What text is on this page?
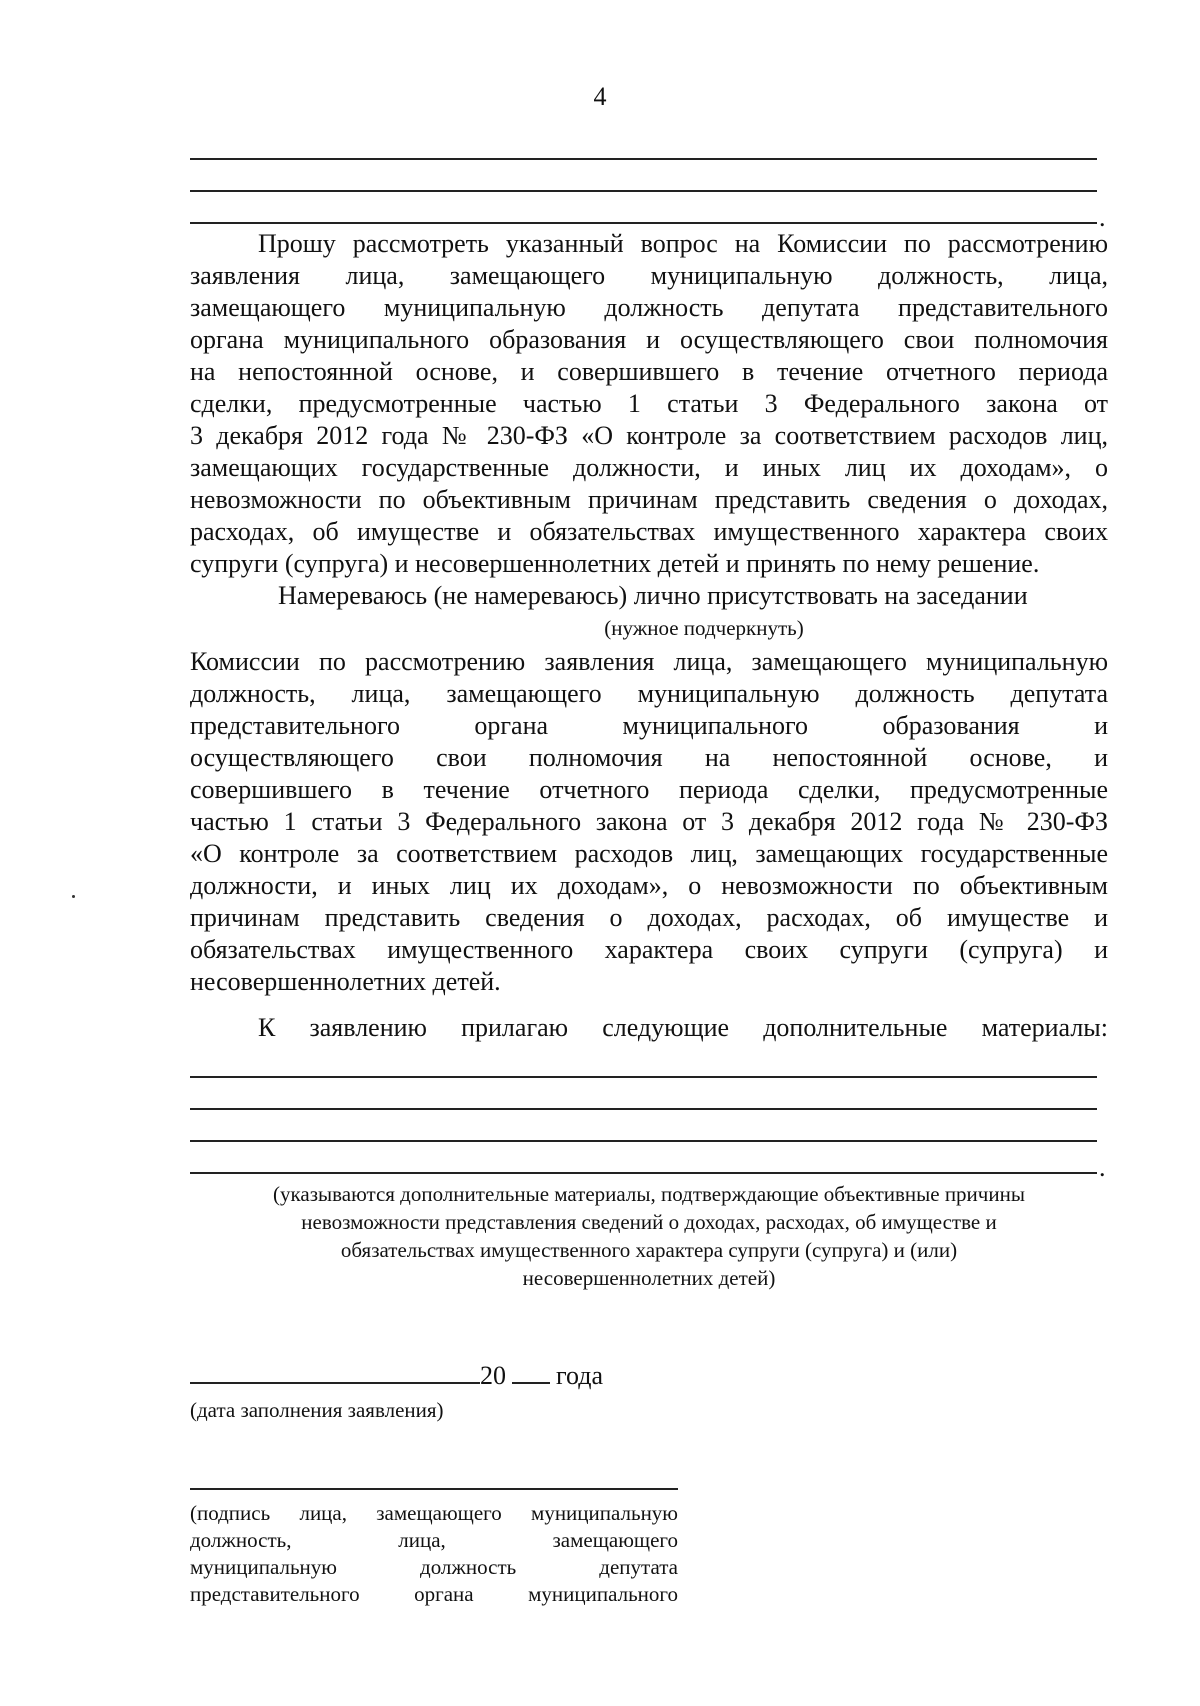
4
.
Прошу рассмотреть указанный вопрос на Комиссии по рассмотрению
заявления лица, замещающего муниципальную должность, лица,
замещающего муниципальную должность депутата представительного
органа муниципального образования и осуществляющего свои полномочия
на непостоянной основе, и совершившего в течение отчетного периода
сделки, предусмотренные частью 1 статьи 3 Федерального закона от
3 декабря 2012 года № 230-ФЗ «О контроле за соответствием расходов лиц,
замещающих государственные должности, и иных лиц их доходам», о
невозможности по объективным причинам представить сведения о доходах,
расходах, об имуществе и обязательствах имущественного характера своих
супруги (супруга) и несовершеннолетних детей и принять по нему решение.
Намереваюсь (не намереваюсь) лично присутствовать на заседании
(нужное подчеркнуть)
Комиссии по рассмотрению заявления лица, замещающего муниципальную
должность, лица, замещающего муниципальную должность депутата
представительного органа муниципального образования и
осуществляющего свои полномочия на непостоянной основе, и
совершившего в течение отчетного периода сделки, предусмотренные
частью 1 статьи 3 Федерального закона от 3 декабря 2012 года № 230-ФЗ
«О контроле за соответствием расходов лиц, замещающих государственные
должности, и иных лиц их доходам», о невозможности по объективным
причинам представить сведения о доходах, расходах, об имуществе и
обязательствах имущественного характера своих супруги (супруга) и
несовершеннолетних детей.
К заявлению прилагаю следующие дополнительные материалы:
.
(указываются дополнительные материалы, подтверждающие объективные причины
невозможности представления сведений о доходах, расходах, об имуществе и
обязательствах имущественного характера супруги (супруга) и (или)
несовершеннолетних детей)
20 года
(дата заполнения заявления)
(подпись лица, замещающего муниципальную
должность, лица, замещающего
муниципальную должность депутата
представительного органа муниципального
